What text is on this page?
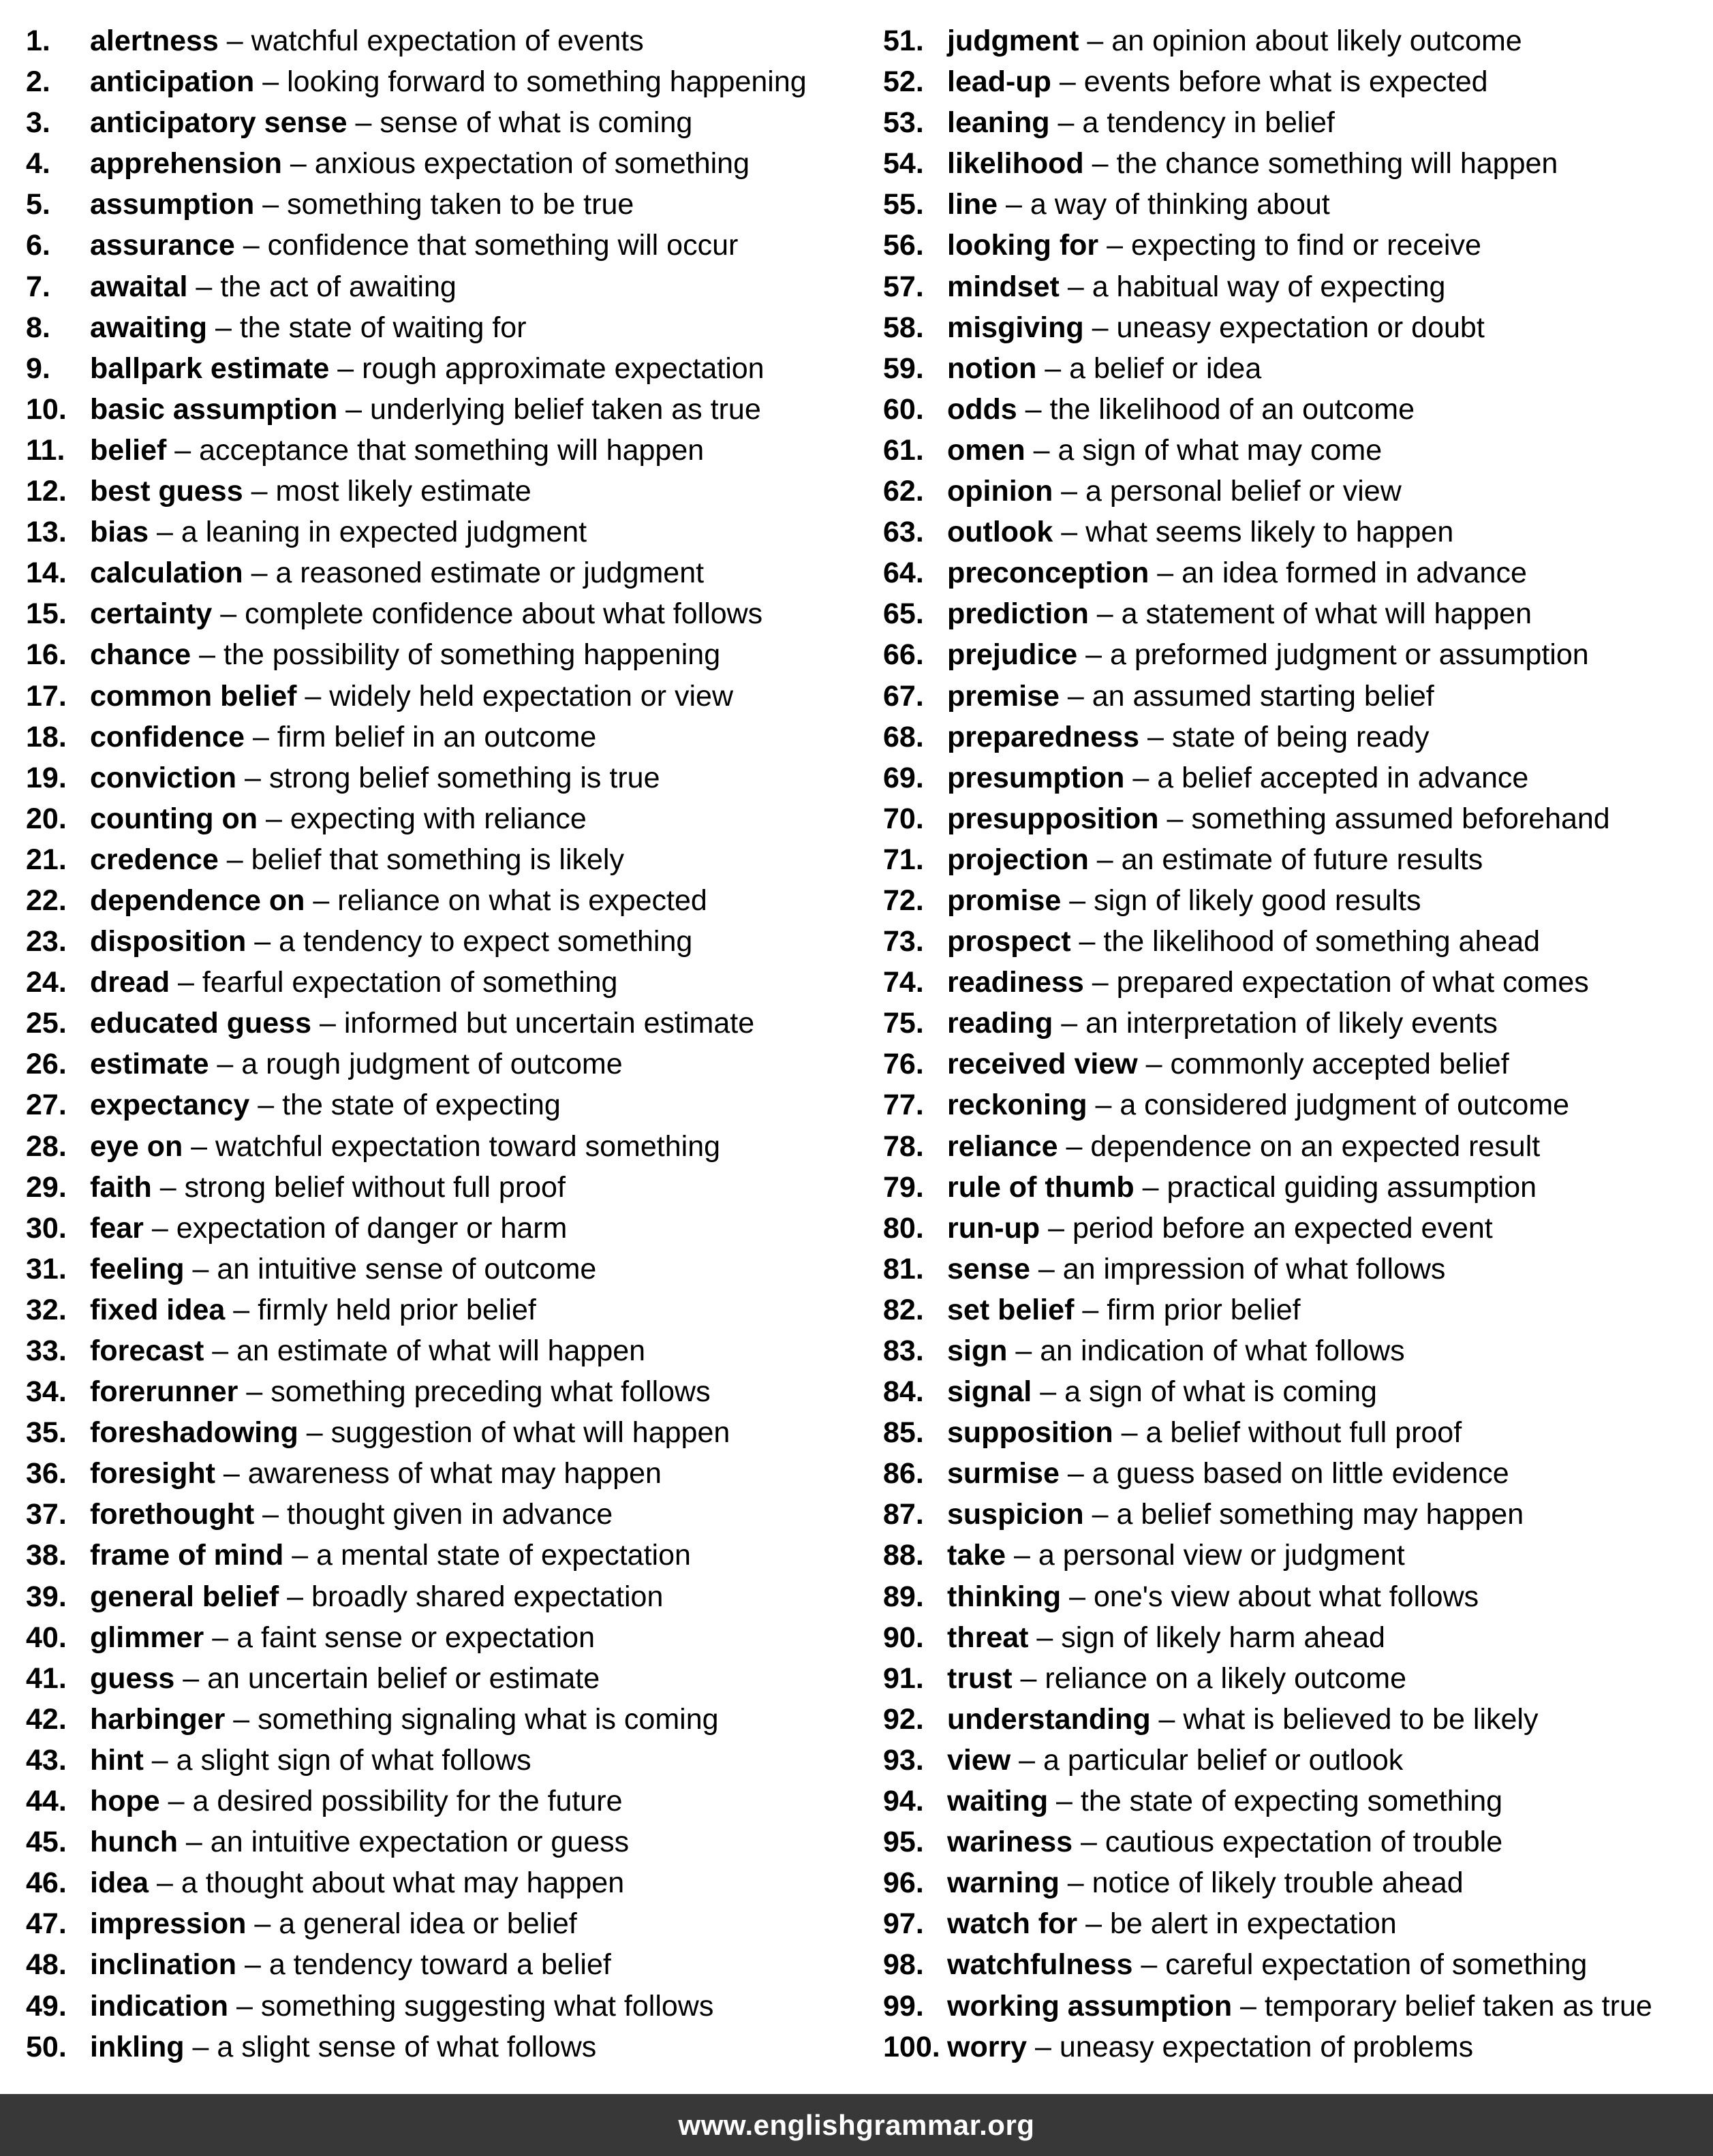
1.	alertness – watchful expectation of events
2.	anticipation – looking forward to something happening
3.	anticipatory sense – sense of what is coming
4.	apprehension – anxious expectation of something
5.	assumption – something taken to be true
6.	assurance – confidence that something will occur
7.	awaital – the act of awaiting
8.	awaiting – the state of waiting for
9.	ballpark estimate – rough approximate expectation
10. basic assumption – underlying belief taken as true
11. belief – acceptance that something will happen
12. best guess – most likely estimate
13. bias – a leaning in expected judgment
14. calculation – a reasoned estimate or judgment
15. certainty – complete confidence about what follows
16. chance – the possibility of something happening
17. common belief – widely held expectation or view
18. confidence – firm belief in an outcome
19. conviction – strong belief something is true
20. counting on – expecting with reliance
21. credence – belief that something is likely
22. dependence on – reliance on what is expected
23. disposition – a tendency to expect something
24. dread – fearful expectation of something
25. educated guess – informed but uncertain estimate
26. estimate – a rough judgment of outcome
27. expectancy – the state of expecting
28. eye on – watchful expectation toward something
29. faith – strong belief without full proof
30. fear – expectation of danger or harm
31. feeling – an intuitive sense of outcome
32. fixed idea – firmly held prior belief
33. forecast – an estimate of what will happen
34. forerunner – something preceding what follows
35. foreshadowing – suggestion of what will happen
36. foresight – awareness of what may happen
37. forethought – thought given in advance
38. frame of mind – a mental state of expectation
39. general belief – broadly shared expectation
40. glimmer – a faint sense or expectation
41. guess – an uncertain belief or estimate
42. harbinger – something signaling what is coming
43. hint – a slight sign of what follows
44. hope – a desired possibility for the future
45. hunch – an intuitive expectation or guess
46. idea – a thought about what may happen
47. impression – a general idea or belief
48. inclination – a tendency toward a belief
49. indication – something suggesting what follows
50. inkling – a slight sense of what follows
51. judgment – an opinion about likely outcome
52. lead-up – events before what is expected
53. leaning – a tendency in belief
54. likelihood – the chance something will happen
55. line – a way of thinking about
56. looking for – expecting to find or receive
57. mindset – a habitual way of expecting
58. misgiving – uneasy expectation or doubt
59. notion – a belief or idea
60. odds – the likelihood of an outcome
61. omen – a sign of what may come
62. opinion – a personal belief or view
63. outlook – what seems likely to happen
64. preconception – an idea formed in advance
65. prediction – a statement of what will happen
66. prejudice – a preformed judgment or assumption
67. premise – an assumed starting belief
68. preparedness – state of being ready
69. presumption – a belief accepted in advance
70. presupposition – something assumed beforehand
71. projection – an estimate of future results
72. promise – sign of likely good results
73. prospect – the likelihood of something ahead
74. readiness – prepared expectation of what comes
75. reading – an interpretation of likely events
76. received view – commonly accepted belief
77. reckoning – a considered judgment of outcome
78. reliance – dependence on an expected result
79. rule of thumb – practical guiding assumption
80. run-up – period before an expected event
81. sense – an impression of what follows
82. set belief – firm prior belief
83. sign – an indication of what follows
84. signal – a sign of what is coming
85. supposition – a belief without full proof
86. surmise – a guess based on little evidence
87. suspicion – a belief something may happen
88. take – a personal view or judgment
89. thinking – one's view about what follows
90. threat – sign of likely harm ahead
91. trust – reliance on a likely outcome
92. understanding – what is believed to be likely
93. view – a particular belief or outlook
94. waiting – the state of expecting something
95. wariness – cautious expectation of trouble
96. warning – notice of likely trouble ahead
97. watch for – be alert in expectation
98. watchfulness – careful expectation of something
99. working assumption – temporary belief taken as true
100. worry – uneasy expectation of problems
www.englishgrammar.org
